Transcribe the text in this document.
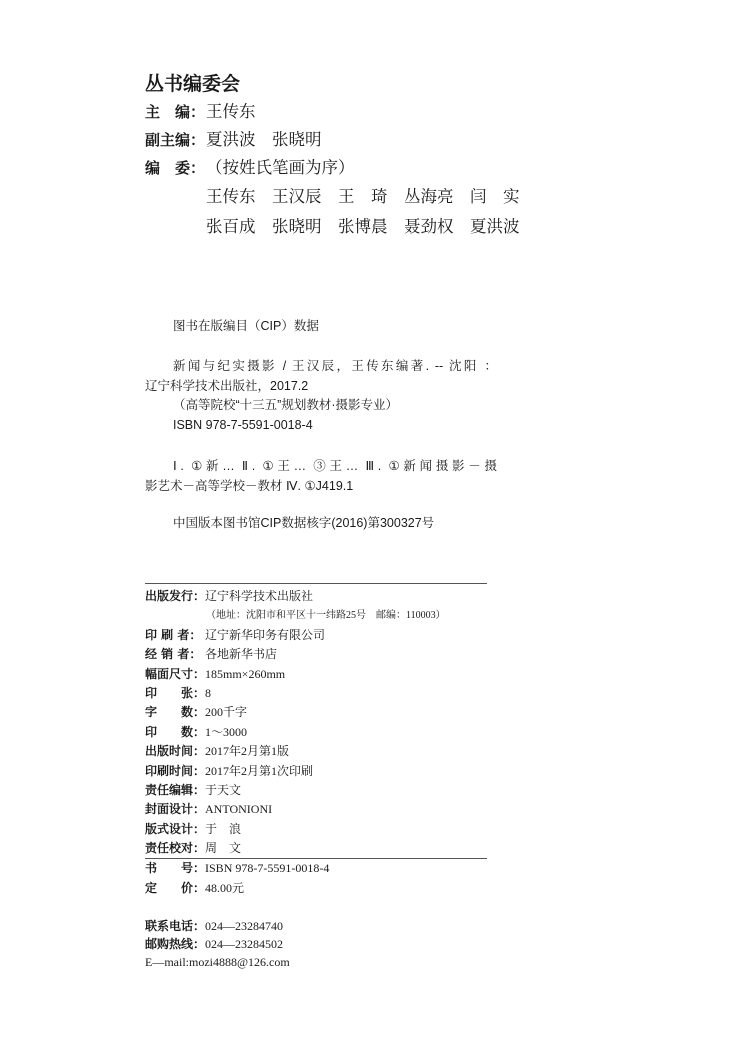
丛书编委会
主　编：王传东
副主编：夏洪波　张晓明
编　委：（按姓氏笔画为序）
王传东　王汉辰　王　琦　丛海亮　闫　实
张百成　张晓明　张博晨　聂劲权　夏洪波
图书在版编目（CIP）数据
新闻与纪实摄影 / 王汉辰，王传东编著. -- 沈阳 ：
辽宁科学技术出版社，2017.2
（高等院校“十三五”规划教材·摄影专业）
ISBN 978-7-5591-0018-4
Ⅰ. ①新… Ⅱ. ①王… ③王… Ⅲ. ①新闻摄影－摄
影艺术－高等学校－教材 Ⅳ. ①J419.1
中国版本图书馆CIP数据核字(2016)第300327号
出版发行：辽宁科学技术出版社
（地址：沈阳市和平区十一纬路25号　邮编：110003）
印 刷 者： 辽宁新华印务有限公司
经 销 者： 各地新华书店
幅面尺寸：185mm×260mm
印　　张：8
字　　数：200千字
印　　数：1～3000
出版时间：2017年2月第1版
印刷时间：2017年2月第1次印刷
责任编辑：于天文
封面设计：ANTONIONI
版式设计：于　浪
责任校对：周　文
书　　号：ISBN 978-7-5591-0018-4
定　　价：48.00元
联系电话：024—23284740
邮购热线：024—23284502
E—mail:mozi4888@126.com
